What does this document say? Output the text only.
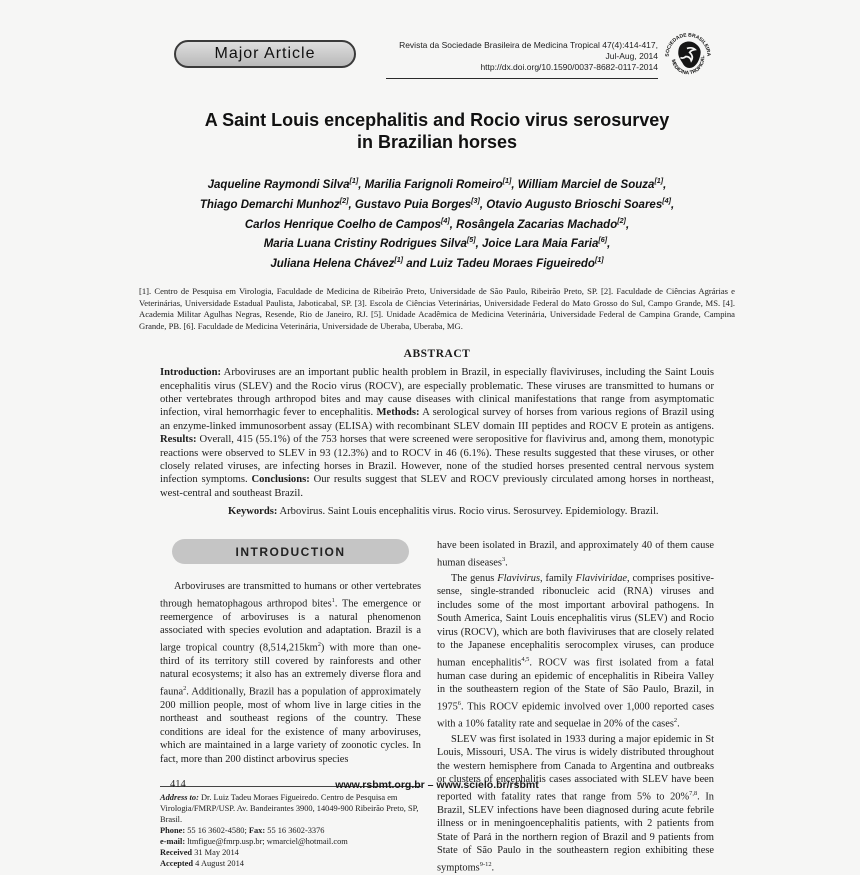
Major Article	Revista da Sociedade Brasileira de Medicina Tropical 47(4):414-417, Jul-Aug, 2014
http://dx.doi.org/10.1590/0037-8682-0117-2014
SOCIEDADE BRASILEIRA
MEDICINA TROPICAL
A Saint Louis encephalitis and Rocio virus serosurvey
in Brazilian horses
Jaqueline Raymondi Silva[1], Marilia Farignoli Romeiro[1], William Marciel de Souza[1],
Thiago Demarchi Munhoz[2], Gustavo Puia Borges[3], Otavio Augusto Brioschi Soares[4],
Carlos Henrique Coelho de Campos[4], Rosângela Zacarias Machado[2],
Maria Luana Cristiny Rodrigues Silva[5], Joice Lara Maia Faria[6],
Juliana Helena Chávez[1] and Luiz Tadeu Moraes Figueiredo[1]
[1]. Centro de Pesquisa em Virologia, Faculdade de Medicina de Ribeirão Preto, Universidade de São Paulo, Ribeirão Preto, SP. [2]. Faculdade de Ciências Agrárias e Veterinárias, Universidade Estadual Paulista, Jaboticabal, SP. [3]. Escola de Ciências Veterinárias, Universidade Federal do Mato Grosso do Sul, Campo Grande, MS. [4]. Academia Militar Agulhas Negras, Resende, Rio de Janeiro, RJ. [5]. Unidade Acadêmica de Medicina Veterinária, Universidade Federal de Campina Grande, Campina Grande, PB. [6]. Faculdade de Medicina Veterinária, Universidade de Uberaba, Uberaba, MG.
ABSTRACT
Introduction: Arboviruses are an important public health problem in Brazil, in especially flaviviruses, including the Saint Louis encephalitis virus (SLEV) and the Rocio virus (ROCV), are especially problematic. These viruses are transmitted to humans or other vertebrates through arthropod bites and may cause diseases with clinical manifestations that range from asymptomatic infection, viral hemorrhagic fever to encephalitis. Methods: A serological survey of horses from various regions of Brazil using an enzyme-linked immunosorbent assay (ELISA) with recombinant SLEV domain III peptides and ROCV E protein as antigens. Results: Overall, 415 (55.1%) of the 753 horses that were screened were seropositive for flavivirus and, among them, monotypic reactions were observed to SLEV in 93 (12.3%) and to ROCV in 46 (6.1%). These results suggested that these viruses, or other closely related viruses, are infecting horses in Brazil. However, none of the studied horses presented central nervous system infection symptoms. Conclusions: Our results suggest that SLEV and ROCV previously circulated among horses in northeast, west-central and southeast Brazil.
Keywords: Arbovirus. Saint Louis encephalitis virus. Rocio virus. Serosurvey. Epidemiology. Brazil.
INTRODUCTION

Arboviruses are transmitted to humans or other vertebrates through hematophagous arthropod bites$^1$. The emergence or reemergence of arboviruses is a natural phenomenon associated with species evolution and adaptation. Brazil is a large tropical country $(8,514,215km^2)$ with more than one-third of its territory still covered by rainforests and other natural ecosystems; it also has an extremely diverse flora and fauna$^2$. Additionally, Brazil has a population of approximately 200 million people, most of whom live in large cities in the northeast and southeast regions of the country. These conditions are ideal for the existence of many arboviruses, which are maintained in a large variety of zoonotic cycles. In fact, more than 200 distinct arbovirus species

Address to: Dr. Luiz Tadeu Moraes Figueiredo. Centro de Pesquisa em Virologia/FMRP/USP. Av. Bandeirantes 3900, 14049-900 Ribeirão Preto, SP, Brasil.
Phone: 55 16 3602-4580; Fax: 55 16 3602-3376
e-mail: ltmfigue@fmrp.usp.br; wmarciel@hotmail.com
Received 31 May 2014
Accepted 4 August 2014

have been isolated in Brazil, and approximately 40 of them cause human diseases$^3$.

The genus Flavivirus, family Flaviviridae, comprises positive-sense, single-stranded ribonucleic acid (RNA) viruses and includes some of the most important arboviral pathogens. In South America, Saint Louis encephalitis virus (SLEV) and Rocio virus (ROCV), which are both flaviviruses that are closely related to the Japanese encephalitis serocomplex viruses, can produce human encephalitis$^{4,5}$. ROCV was first isolated from a fatal human case during an epidemic of encephalitis in Ribeira Valley in the southeastern region of the State of São Paulo, Brazil, in 1975$^6$. This ROCV epidemic involved over 1,000 reported cases with a 10% fatality rate and sequelae in 20% of the cases$^2$.

SLEV was first isolated in 1933 during a major epidemic in St Louis, Missouri, USA. The virus is widely distributed throughout the western hemisphere from Canada to Argentina and outbreaks or clusters of encephalitis cases associated with SLEV have been reported with fatality rates that range from 5% to 20%$^{7,8}$. In Brazil, SLEV infections have been diagnosed during acute febrile illness or in meningoencephalitis patients, with 2 patients from State of Pará in the northern region of Brazil and 9 patients from State of São Paulo in the southeastern region exhibiting these symptoms$^{9-12}$.

414	www.rsbmt.org.br – www.scielo.br/rsbmt
